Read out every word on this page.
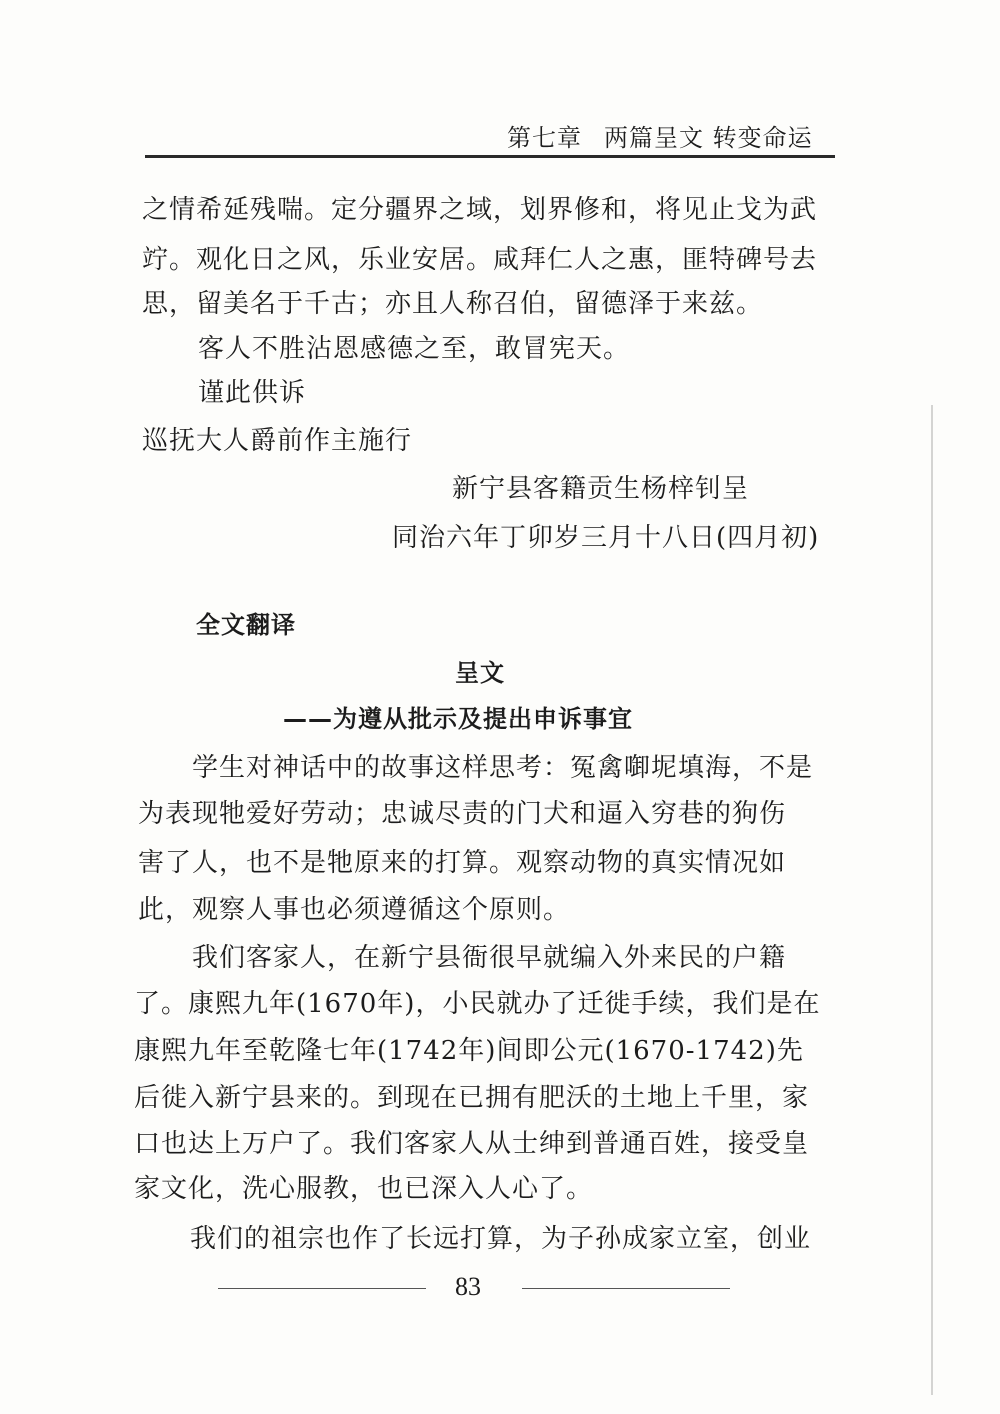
第七章 两篇呈文 转变命运
之情希延残喘。定分疆界之域，划界修和，将见止戈为武
竚。观化日之风，乐业安居。咸拜仁人之惠，匪特碑号去
思，留美名于千古；亦且人称召伯，留德泽于来兹。
客人不胜沾恩感德之至，敢冒宪天。
谨此供诉
巡抚大人爵前作主施行
新宁县客籍贡生杨梓钊呈
同治六年丁卯岁三月十八日(四月初)
全文翻译
呈文
——为遵从批示及提出申诉事宜
学生对神话中的故事这样思考：冤禽啣坭填海，不是
为表现牠爱好劳动；忠诚尽责的门犬和逼入穷巷的狗伤
害了人，也不是牠原来的打算。观察动物的真实情况如
此，观察人事也必须遵循这个原则。
我们客家人，在新宁县衙很早就编入外来民的户籍
了。康熙九年(1670年)，小民就办了迁徙手续，我们是在
康熙九年至乾隆七年(1742年)间即公元(1670-1742)先
后徙入新宁县来的。到现在已拥有肥沃的土地上千里，家
口也达上万户了。我们客家人从士绅到普通百姓，接受皇
家文化，洗心服教，也已深入人心了。
我们的祖宗也作了长远打算，为子孙成家立室，创业
83
